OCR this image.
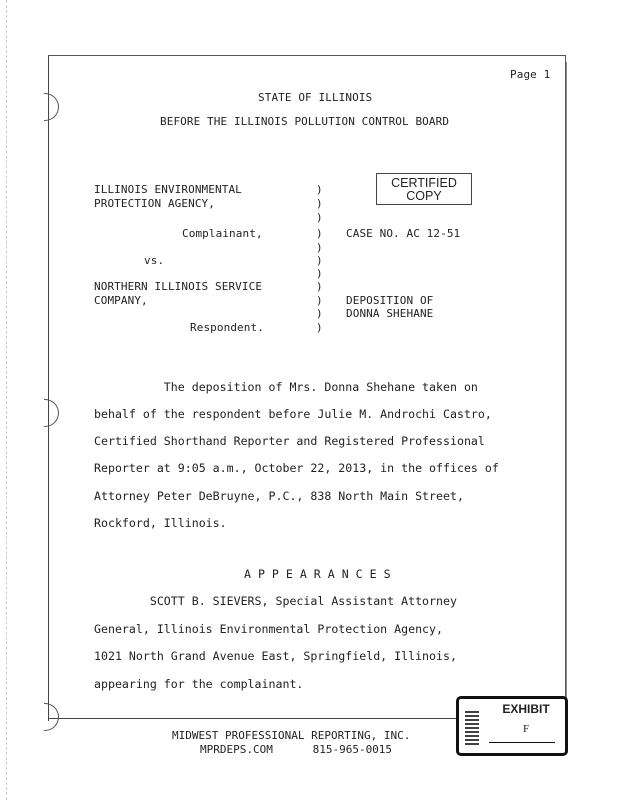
Page 1
STATE OF ILLINOIS
BEFORE THE ILLINOIS POLLUTION CONTROL BOARD
CERTIFIED
COPY
ILLINOIS ENVIRONMENTAL
PROTECTION AGENCY,
Complainant,
vs.
NORTHERN ILLINOIS SERVICE
COMPANY,
Respondent.
)
)
)
)
)
)
)
)
)
)
)
CASE NO. AC 12-51
DEPOSITION OF
DONNA SHEHANE
The deposition of Mrs. Donna Shehane taken on
behalf of the respondent before Julie M. Androchi Castro,
Certified Shorthand Reporter and Registered Professional
Reporter at 9:05 a.m., October 22, 2013, in the offices of
Attorney Peter DeBruyne, P.C., 838 North Main Street,
Rockford, Illinois.
A P P E A R A N C E S
SCOTT B. SIEVERS, Special Assistant Attorney
General, Illinois Environmental Protection Agency,
1021 North Grand Avenue East, Springfield, Illinois,
appearing for the complainant.
EXHIBIT
F
MIDWEST PROFESSIONAL REPORTING, INC.
MPRDEPS.COM      815-965-0015
